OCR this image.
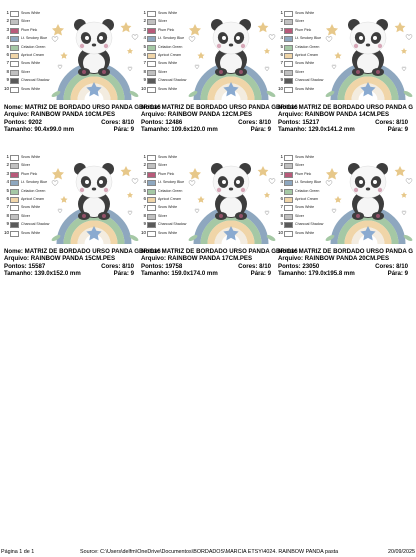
1	Snow White
2	Silver
3	Plum Pink
4	Lt. Smokey Blue
5	Celadon Green
6	Apricot Cream
7	Snow White
8	Silver
9	Charcoal Shadow
10	Snow White
Nome: MATRIZ DE BORDADO URSO PANDA GBR/C16
Arquivo: RAINBOW PANDA 10CM.PES
Pontos: 9202	Cores: 8/10
Tamanho: 90.4x99.0 mm	Pára: 9
1	Snow White
2	Silver
3	Plum Pink
4	Lt. Smokey Blue
5	Celadon Green
6	Apricot Cream
7	Snow White
8	Silver
9	Charcoal Shadow
10	Snow White
Nome: MATRIZ DE BORDADO URSO PANDA GBR/C16
Arquivo: RAINBOW PANDA 12CM.PES
Pontos: 12486	Cores: 8/10
Tamanho: 109.6x120.0 mm	Pára: 9
1	Snow White
2	Silver
3	Plum Pink
4	Lt. Smokey Blue
5	Celadon Green
6	Apricot Cream
7	Snow White
8	Silver
9	Charcoal Shadow
10	Snow White
Nome: MATRIZ DE BORDADO URSO PANDA G
Arquivo: RAINBOW PANDA 14CM.PES
Pontos: 15217	Cores: 8/10
Tamanho: 129.0x141.2 mm	Pára: 9
1	Snow White
2	Silver
3	Plum Pink
4	Lt. Smokey Blue
5	Celadon Green
6	Apricot Cream
7	Snow White
8	Silver
9	Charcoal Shadow
10	Snow White
Nome: MATRIZ DE BORDADO URSO PANDA GBR/C16
Arquivo: RAINBOW PANDA 15CM.PES
Pontos: 15587	Cores: 8/10
Tamanho: 139.0x152.0 mm	Pára: 9
1	Snow White
2	Silver
3	Plum Pink
4	Lt. Smokey Blue
5	Celadon Green
6	Apricot Cream
7	Snow White
8	Silver
9	Charcoal Shadow
10	Snow White
Nome: MATRIZ DE BORDADO URSO PANDA GBR/C16
Arquivo: RAINBOW PANDA 17CM.PES
Pontos: 19758	Cores: 8/10
Tamanho: 159.0x174.0 mm	Pára: 9
1	Snow White
2	Silver
3	Plum Pink
4	Lt. Smokey Blue
5	Celadon Green
6	Apricot Cream
7	Snow White
8	Silver
9	Charcoal Shadow
10	Snow White
Nome: MATRIZ DE BORDADO URSO PANDA G
Arquivo: RAINBOW PANDA 20CM.PES
Pontos: 23050	Cores: 8/10
Tamanho: 179.0x195.8 mm	Pára: 9
Página 1 de 1	Source: C:\Users\delfm\OneDrive\Documentos\BORDADOS\MARCIA ETSY\4024. RAINBOW PANDA pasta	20/09/2025
